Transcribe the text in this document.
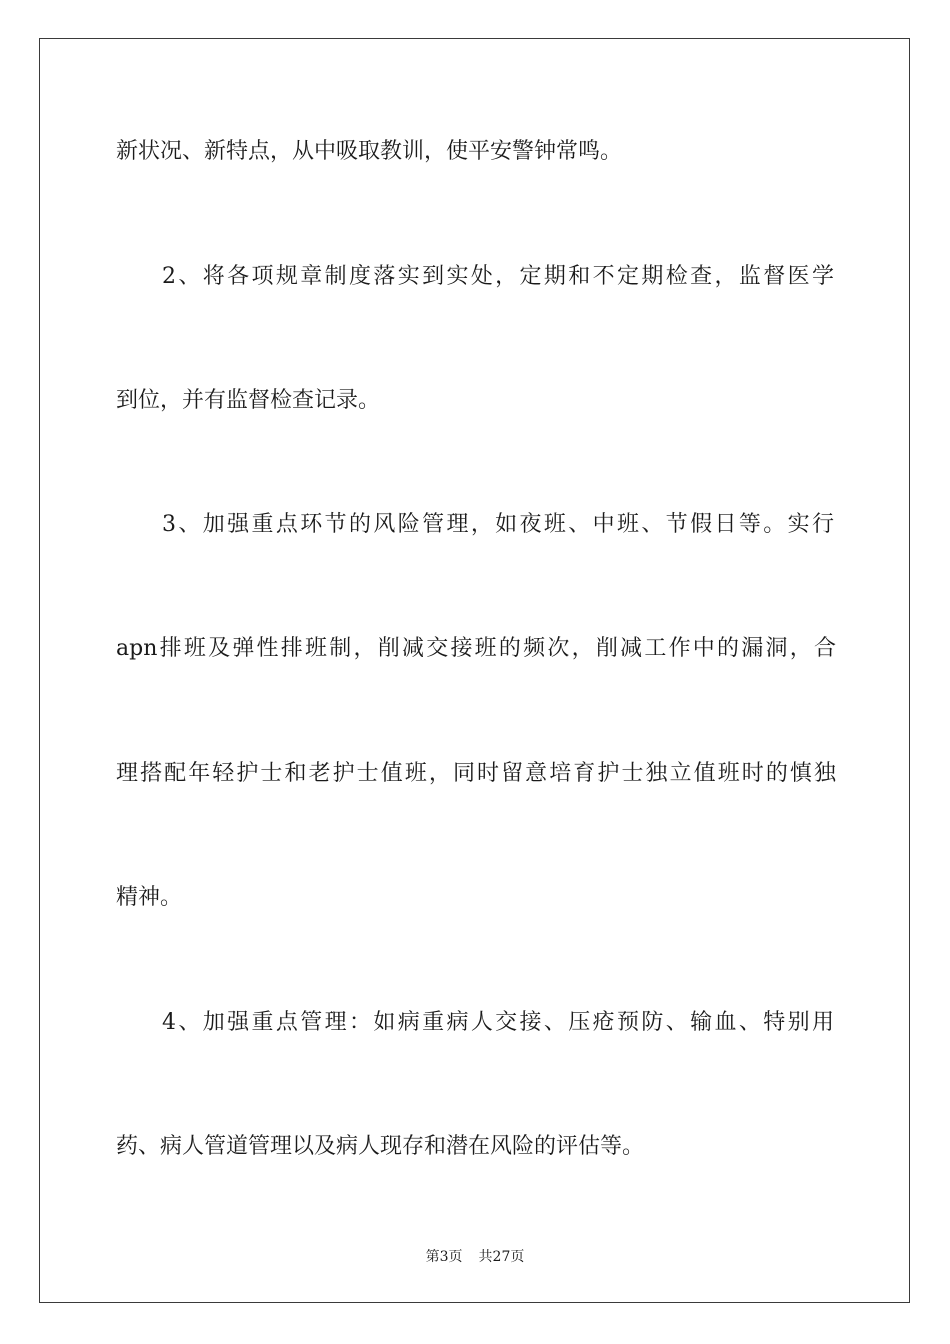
新状况、新特点，从中吸取教训，使平安警钟常鸣。

2、将各项规章制度落实到实处，定期和不定期检查，监督医学

到位，并有监督检查记录。

3、加强重点环节的风险管理，如夜班、中班、节假日等。实行

apn排班及弹性排班制，削减交接班的频次，削减工作中的漏洞，合

理搭配年轻护士和老护士值班，同时留意培育护士独立值班时的慎独

精神。

4、加强重点管理：如病重病人交接、压疮预防、输血、特别用

药、病人管道管理以及病人现存和潜在风险的评估等。

第3页 共27页
